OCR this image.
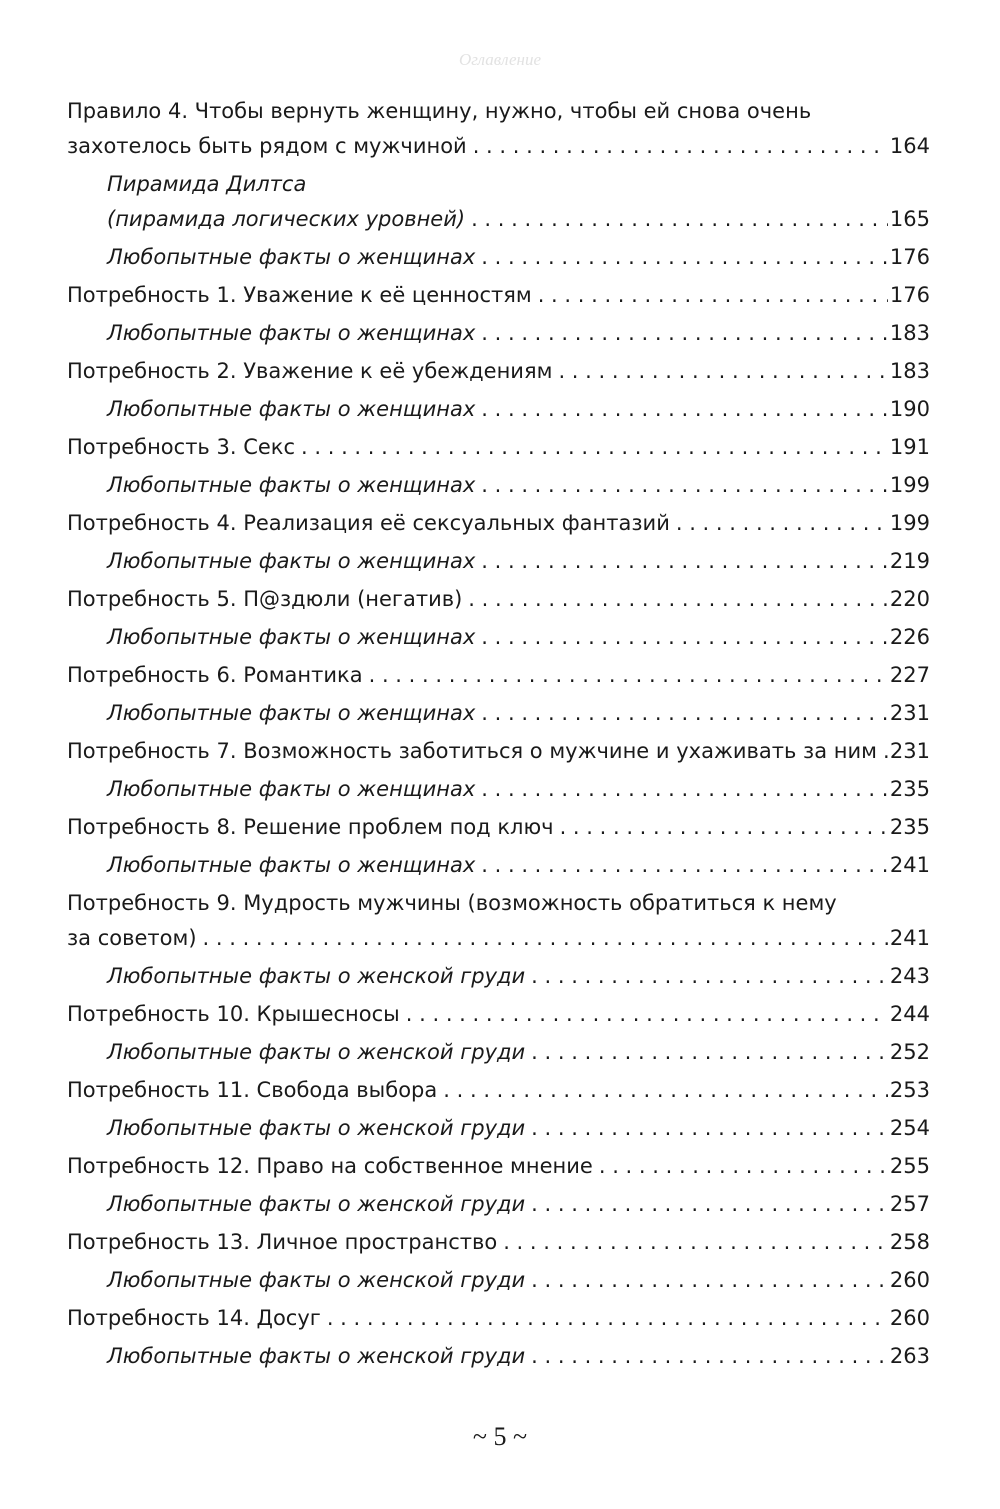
Оглавление
Правило 4. Чтобы вернуть женщину, нужно, чтобы ей снова очень
захотелось быть рядом с мужчиной . . .	164
Пирамида Дилтса
(пирамида логических уровней) . . .	165
Любопытные факты о женщинах . . .	176
Потребность 1. Уважение к её ценностям . . .	176
Любопытные факты о женщинах . . .	183
Потребность 2. Уважение к её убеждениям . . .	183
Любопытные факты о женщинах . . .	190
Потребность 3. Секс . . .	191
Любопытные факты о женщинах . . .	199
Потребность 4. Реализация её сексуальных фантазий . . .	199
Любопытные факты о женщинах . . .	219
Потребность 5. П@здюли (негатив) . . .	220
Любопытные факты о женщинах . . .	226
Потребность 6. Романтика . . .	227
Любопытные факты о женщинах . . .	231
Потребность 7. Возможность заботиться о мужчине и ухаживать за ним . . . 231
Любопытные факты о женщинах . . .	235
Потребность 8. Решение проблем под ключ . . .	235
Любопытные факты о женщинах . . .	241
Потребность 9. Мудрость мужчины (возможность обратиться к нему
за советом) . . .	241
Любопытные факты о женской груди . . .	243
Потребность 10. Крышесносы . . .	244
Любопытные факты о женской груди . . .	252
Потребность 11. Свобода выбора . . .	253
Любопытные факты о женской груди . . .	254
Потребность 12. Право на собственное мнение . . .	255
Любопытные факты о женской груди . . .	257
Потребность 13. Личное пространство . . .	258
Любопытные факты о женской груди . . .	260
Потребность 14. Досуг . . .	260
Любопытные факты о женской груди . . .	263
~ 5 ~
